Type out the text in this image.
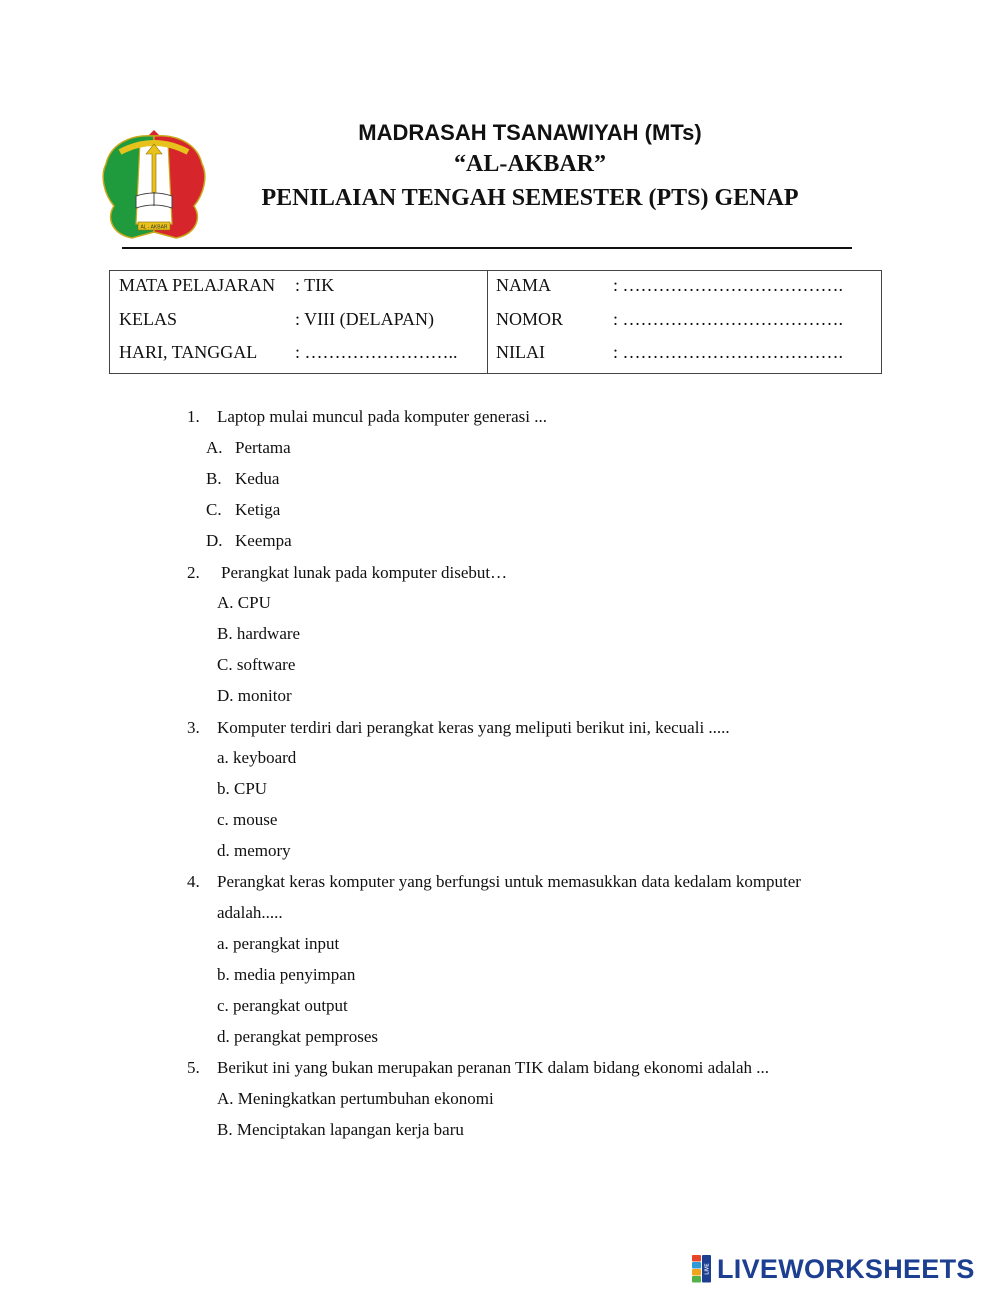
AL - AKBAR
MADRASAH TSANAWIYAH (MTs)
“AL-AKBAR”
PENILAIAN TENGAH SEMESTER (PTS) GENAP
MATA PELAJARAN : TIK
KELAS	: VIII (DELAPAN)
HARI, TANGGAL : ……………………..
NAMA	: ……………………………….
NOMOR	: ……………………………….
NILAI	: ……………………………….
1. Laptop mulai muncul pada komputer generasi ...
A. Pertama
B. Kedua
C. Ketiga
D. Keempa
2. Perangkat lunak pada komputer disebut…
A. CPU
B. hardware
C. software
D. monitor
3. Komputer terdiri dari perangkat keras yang meliputi berikut ini, kecuali .....
a. keyboard
b. CPU
c. mouse
d. memory
4. Perangkat keras komputer yang berfungsi untuk memasukkan data kedalam komputer
adalah.....
a. perangkat input
b. media penyimpan
c. perangkat output
d. perangkat pemproses
5. Berikut ini yang bukan merupakan peranan TIK dalam bidang ekonomi adalah ...
A. Meningkatkan pertumbuhan ekonomi
B. Menciptakan lapangan kerja baru
LIVE LIVEWORKSHEETS
